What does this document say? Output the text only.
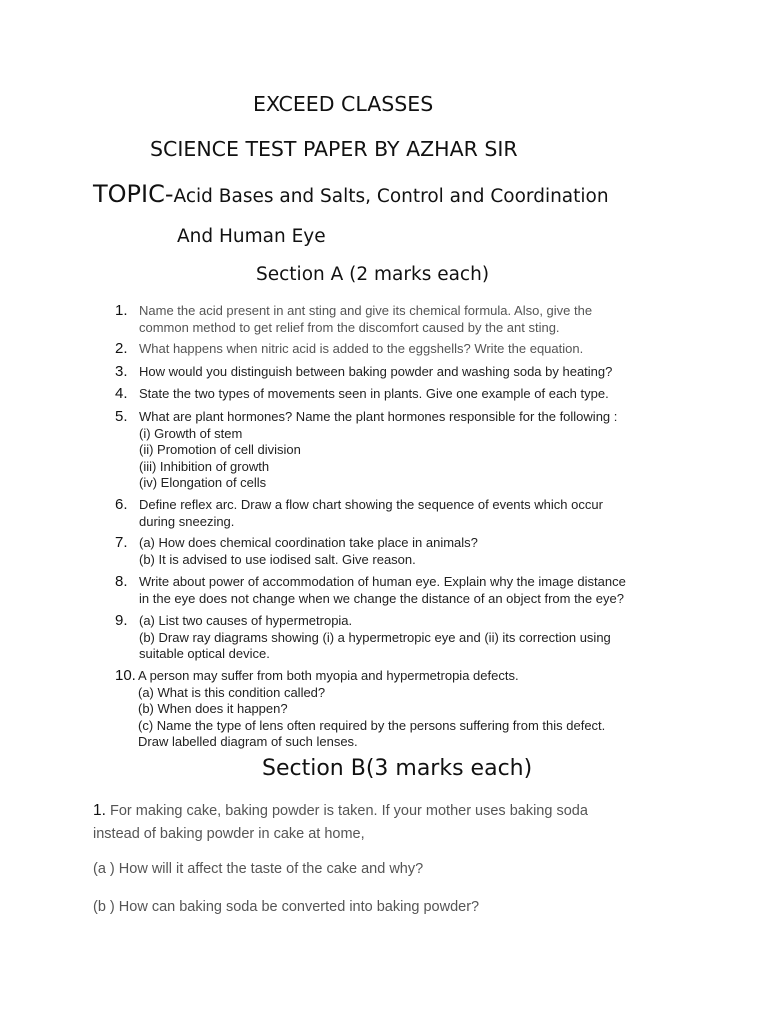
EXCEED CLASSES
SCIENCE TEST PAPER BY AZHAR SIR
TOPIC-Acid Bases and Salts, Control and Coordination
And Human Eye
Section A (2 marks each)
1. Name the acid present in ant sting and give its chemical formula. Also, give the
common method to get relief from the discomfort caused by the ant sting.
2. What happens when nitric acid is added to the eggshells? Write the equation.
3. How would you distinguish between baking powder and washing soda by heating?
4. State the two types of movements seen in plants. Give one example of each type.
5. What are plant hormones? Name the plant hormones responsible for the following :
(i) Growth of stem
(ii) Promotion of cell division
(iii) Inhibition of growth
(iv) Elongation of cells
6. Define reflex arc. Draw a flow chart showing the sequence of events which occur
during sneezing.
7. (a) How does chemical coordination take place in animals?
(b) It is advised to use iodised salt. Give reason.
8. Write about power of accommodation of human eye. Explain why the image distance
in the eye does not change when we change the distance of an object from the eye?
9. (a) List two causes of hypermetropia.
(b) Draw ray diagrams showing (i) a hypermetropic eye and (ii) its correction using
suitable optical device.
10. A person may suffer from both myopia and hypermetropia defects.
(a) What is this condition called?
(b) When does it happen?
(c) Name the type of lens often required by the persons suffering from this defect.
Draw labelled diagram of such lenses.
Section B(3 marks each)
1. For making cake, baking powder is taken. If your mother uses baking soda
instead of baking powder in cake at home,
(a ) How will it affect the taste of the cake and why?
(b ) How can baking soda be converted into baking powder?
